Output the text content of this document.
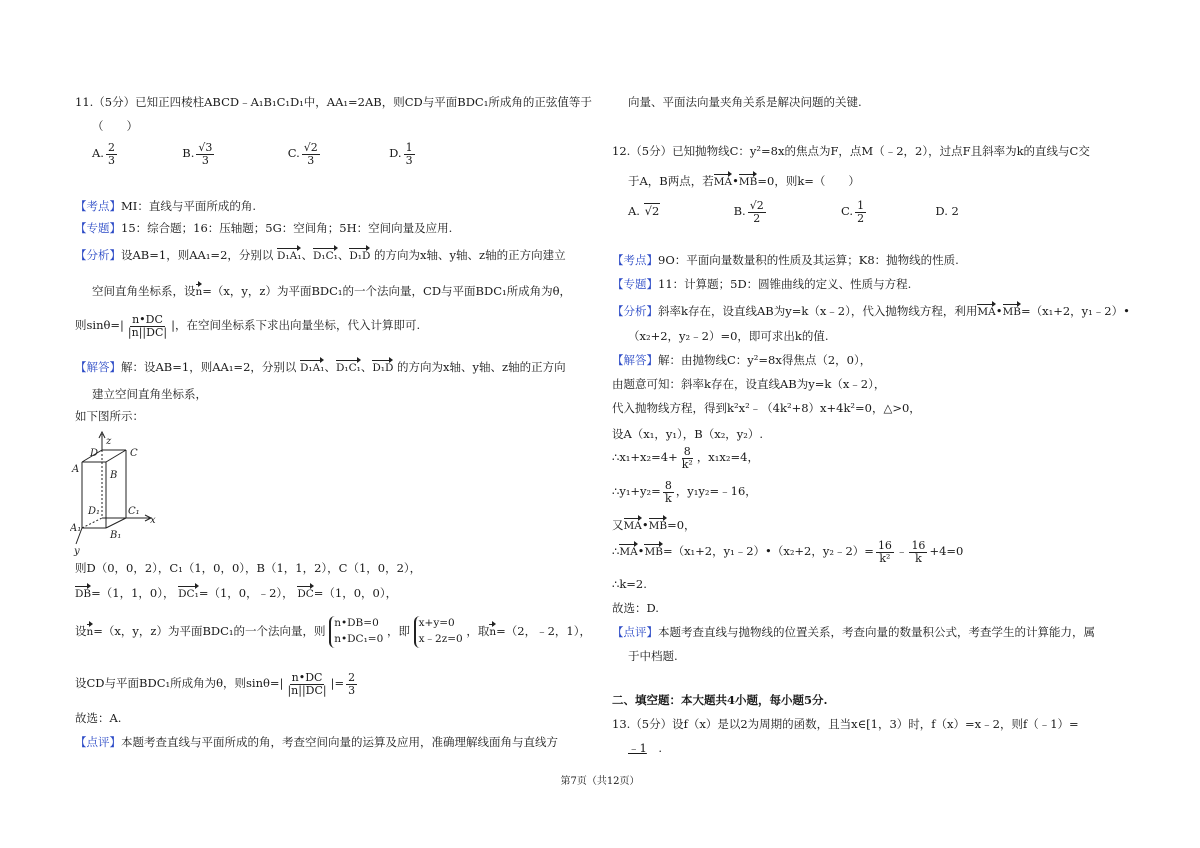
11.（5分）已知正四棱柱ABCD﹣A₁B₁C₁D₁中，AA₁=2AB，则CD与平面BDC₁所成角的正弦值等于
（　　）
A. $\frac{2}{3}$	B. $\frac{√3}{3}$	C. $\frac{√2}{3}$	D. $\frac{1}{3}$
【考点】MI：直线与平面所成的角.
【专题】15：综合题；16：压轴题；5G：空间角；5H：空间向量及应用.
【分析】设AB=1，则AA₁=2，分别以 D₁A₁、D₁C₁、D₁D 的方向为x轴、y轴、z轴的正方向建立
空间直角坐标系，设n=（x，y，z）为平面BDC₁的一个法向量，CD与平面BDC₁所成角为θ，
则$\sin\theta=| \frac{n•DC}{|n||DC|}$ |，在空间坐标系下求出向量坐标，代入计算即可.
【解答】解：设AB=1，则AA₁=2，分别以 D₁A₁、D₁C₁、D₁D 的方向为x轴、y轴、z轴的正方向
建立空间直角坐标系，
如下图所示：
z
x
y
D	C
A
B
D₁	C₁
A₁
B₁
则D（0，0，2），C₁（1，0，0），B（1，1，2），C（1，0，2），
DB=（1，1，0）， DC₁=（1，0，﹣2）， DC=（1，0，0），
设n=（x，y，z）为平面BDC₁的一个法向量，则
n•DB=0
n•DC₁=0
，即
x+y=0
x﹣2z=0
，取n=（2，﹣2，1），
设CD与平面BDC₁所成角为θ，则$\sin\theta=| \frac{n•DC}{|n||DC|}$ |= $\frac{2}{3}$
故选：A.
【点评】本题考查直线与平面所成的角，考查空间向量的运算及应用，准确理解线面角与直线方
向量、平面法向量夹角关系是解决问题的关键.
12.（5分）已知抛物线C：y²=8x的焦点为F，点M（﹣2，2），过点F且斜率为k的直线与C交
于A，B两点，若MA•MB=0，则k=（　　）
A. √2	B. $\frac{√2}{2}$	C. $\frac{1}{2}$	D. 2
【考点】9O：平面向量数量积的性质及其运算；K8：抛物线的性质.
【专题】11：计算题；5D：圆锥曲线的定义、性质与方程.
【分析】斜率k存在，设直线AB为y=k（x﹣2），代入抛物线方程，利用MA•MB=（x₁+2，y₁﹣2）•
（x₂+2，y₂﹣2）=0，即可求出k的值.
【解答】解：由抛物线C：y²=8x得焦点（2，0），
由题意可知：斜率k存在，设直线AB为y=k（x﹣2），
代入抛物线方程，得到k²x²﹣（4k²+8）x+4k²=0，△>0，
设A（x₁，y₁），B（x₂，y₂）.
∴x₁+x₂=4+ $\frac{8}{\text{k²}}$ ，x₁x₂=4，
∴y₁+y₂= $\frac{8}{k}$ ，y₁y₂=﹣16，
又MA•MB=0，
∴MA•MB=（x₁+2，y₁﹣2）•（x₂+2，y₂﹣2）= $\frac{16}{\text{k²}}$ ﹣ $\frac{16}{k} +4=0$
∴k=2.
故选：D.
【点评】本题考查直线与抛物线的位置关系，考查向量的数量积公式，考查学生的计算能力，属
于中档题.
二、填空题：本大题共4小题，每小题5分.
13.（5分）设f（x）是以2为周期的函数，且当x∈[1，3）时，f（x）=x﹣2，则f（﹣1）=
﹣1　.
第7页（共12页）
